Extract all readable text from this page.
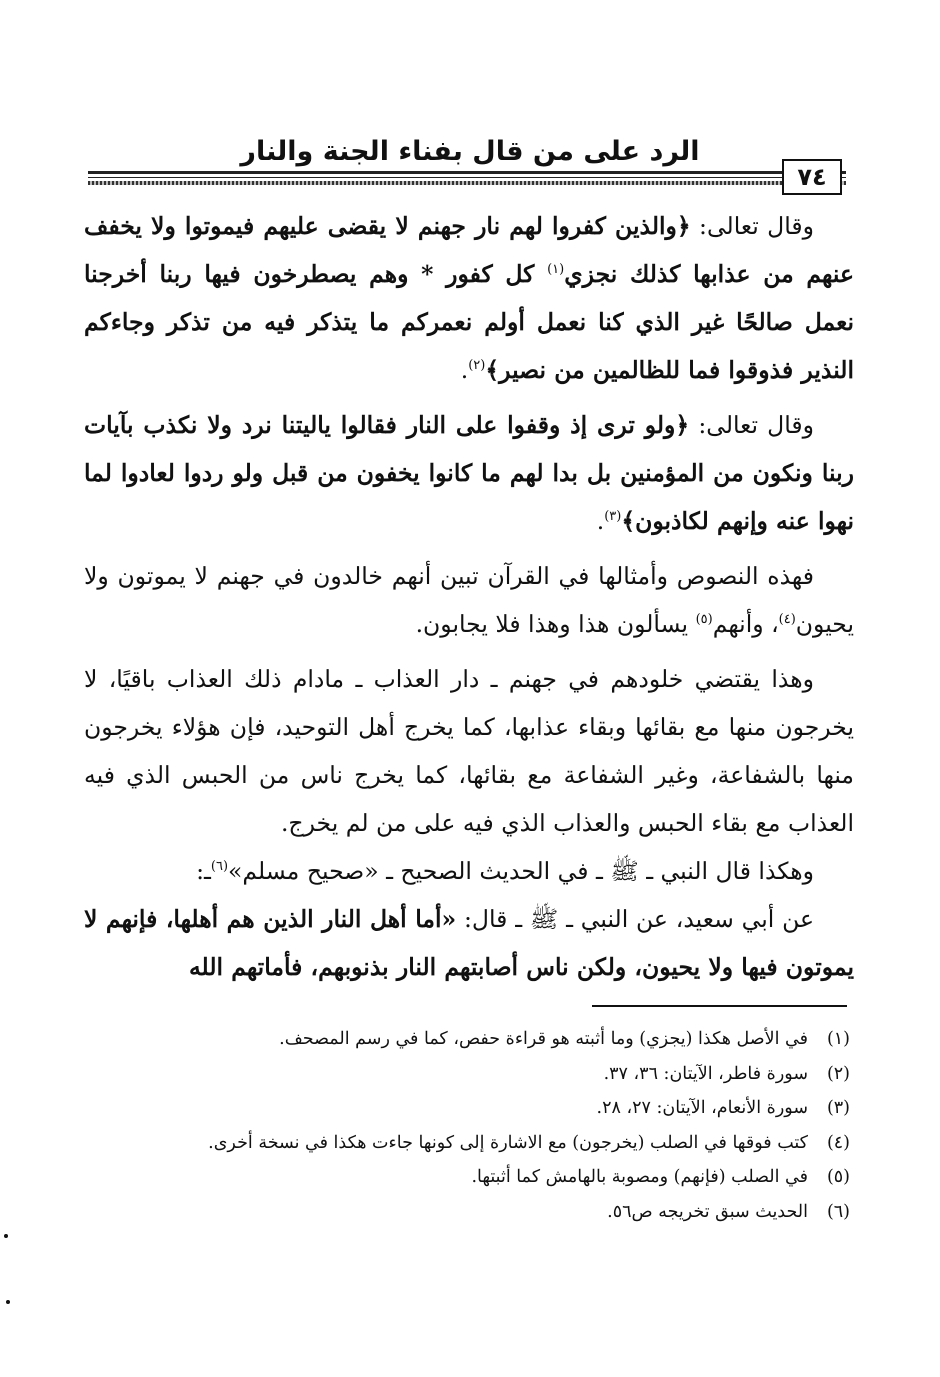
الرد على من قال بفناء الجنة والنار
٧٤

وقال تعالى: ﴿والذين كفروا لهم نار جهنم لا يقضى عليهم فيموتوا ولا يخفف عنهم من عذابها كذلك نجزي$^{(١)}$ كل كفور * وهم يصطرخون فيها ربنا أخرجنا نعمل صالحًا غير الذي كنا نعمل أولم نعمركم ما يتذكر فيه من تذكر وجاءكم النذير فذوقوا فما للظالمين من نصير﴾$^{(٢)}$.

وقال تعالى: ﴿ولو ترى إذ وقفوا على النار فقالوا ياليتنا نرد ولا نكذب بآيات ربنا ونكون من المؤمنين بل بدا لهم ما كانوا يخفون من قبل ولو ردوا لعادوا لما نهوا عنه وإنهم لكاذبون﴾$^{(٣)}$.

فهذه النصوص وأمثالها في القرآن تبين أنهم خالدون في جهنم لا يموتون ولا يحيون$^{(٤)}$، وأنهم$^{(٥)}$ يسألون هذا وهذا فلا يجابون.

وهذا يقتضي خلودهم في جهنم ـ دار العذاب ـ مادام ذلك العذاب باقيًا، لا يخرجون منها مع بقائها وبقاء عذابها، كما يخرج أهل التوحيد، فإن هؤلاء يخرجون منها بالشفاعة، وغير الشفاعة مع بقائها، كما يخرج ناس من الحبس الذي فيه العذاب مع بقاء الحبس والعذاب الذي فيه على من لم يخرج.

وهكذا قال النبي ـ ﷺ ـ في الحديث الصحيح ـ «صحيح مسلم»$^{(٦)}$ـ:

عن أبي سعيد، عن النبي ـ ﷺ ـ قال: «أما أهل النار الذين هم أهلها، فإنهم لا يموتون فيها ولا يحيون، ولكن ناس أصابتهم النار بذنوبهم، فأماتهم الله

(١)
في الأصل هكذا (يجزي) وما أثبته هو قراءة حفص، كما في رسم المصحف.

(٢)
سورة فاطر، الآيتان: ٣٦، ٣٧.

(٣)
سورة الأنعام، الآيتان: ٢٧، ٢٨.

(٤)
كتب فوقها في الصلب (يخرجون) مع الاشارة إلى كونها جاءت هكذا في نسخة أخرى.

(٥)
في الصلب (فإنهم) ومصوبة بالهامش كما أثبتها.

(٦)
الحديث سبق تخريجه ص٥٦.
